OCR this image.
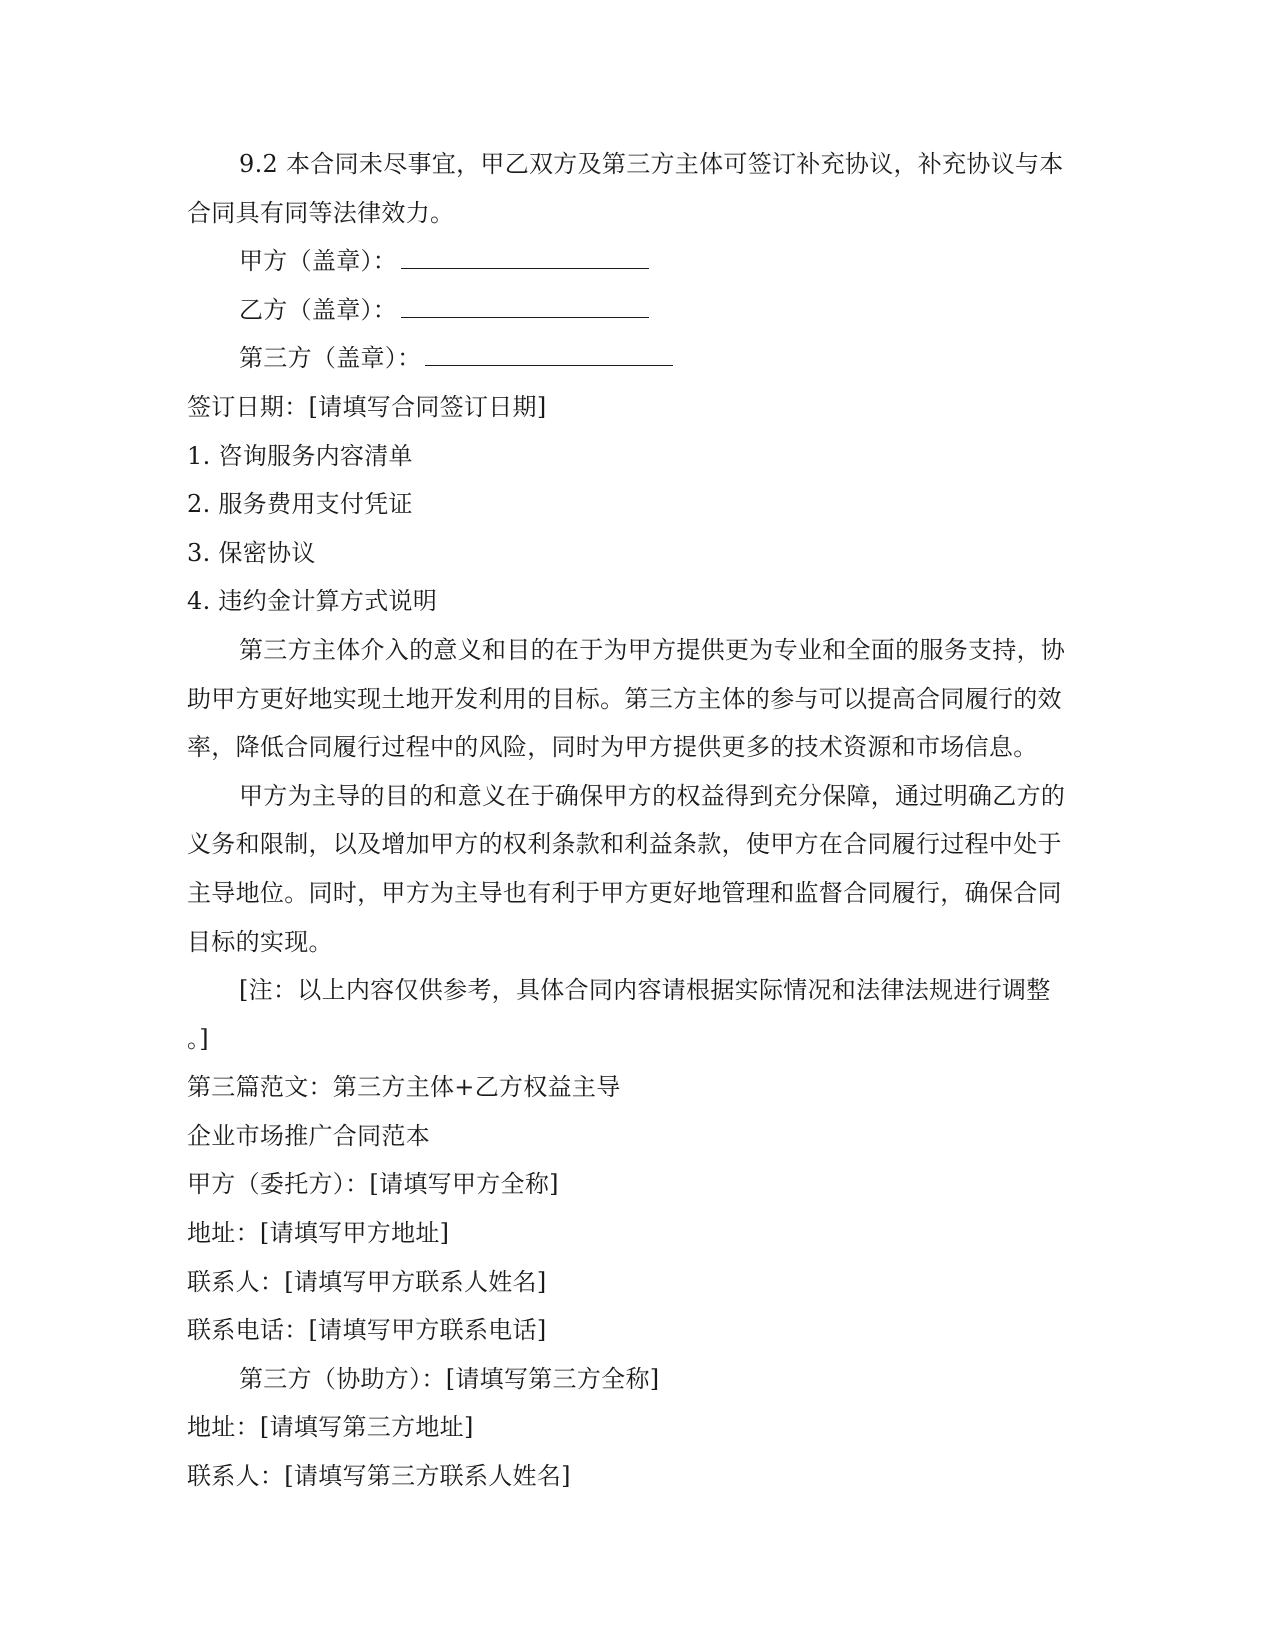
9.2 本合同未尽事宜，甲乙双方及第三方主体可签订补充协议，补充协议与本
合同具有同等法律效力。
甲方（盖章）：
乙方（盖章）：
第三方（盖章）：
签订日期：[请填写合同签订日期]
1. 咨询服务内容清单
2. 服务费用支付凭证
3. 保密协议
4. 违约金计算方式说明
第三方主体介入的意义和目的在于为甲方提供更为专业和全面的服务支持，协
助甲方更好地实现土地开发利用的目标。第三方主体的参与可以提高合同履行的效
率，降低合同履行过程中的风险，同时为甲方提供更多的技术资源和市场信息。
甲方为主导的目的和意义在于确保甲方的权益得到充分保障，通过明确乙方的
义务和限制，以及增加甲方的权利条款和利益条款，使甲方在合同履行过程中处于
主导地位。同时，甲方为主导也有利于甲方更好地管理和监督合同履行，确保合同
目标的实现。
[注：以上内容仅供参考，具体合同内容请根据实际情况和法律法规进行调整
。]
第三篇范文：第三方主体+乙方权益主导
企业市场推广合同范本
甲方（委托方）：[请填写甲方全称]
地址：[请填写甲方地址]
联系人：[请填写甲方联系人姓名]
联系电话：[请填写甲方联系电话]
第三方（协助方）：[请填写第三方全称]
地址：[请填写第三方地址]
联系人：[请填写第三方联系人姓名]
